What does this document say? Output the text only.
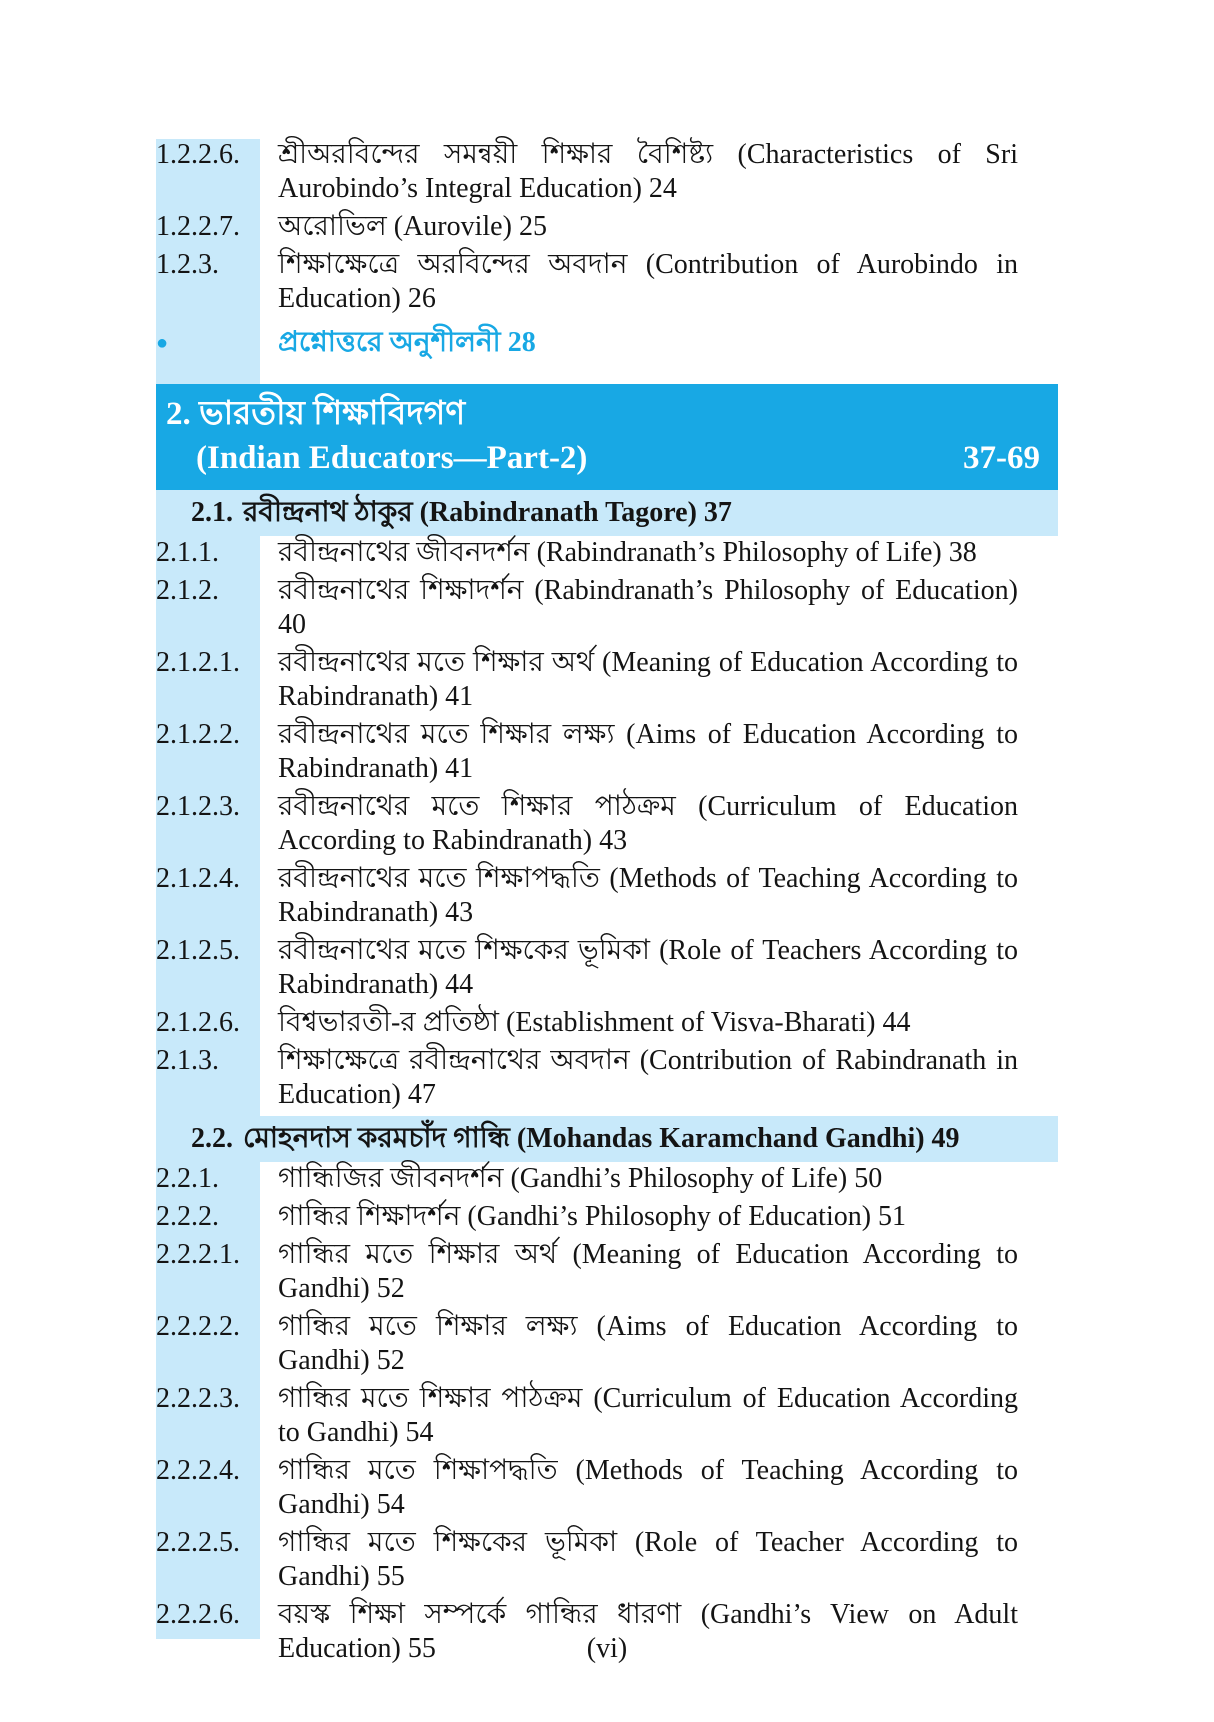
1.2.2.6.	শ্রীঅরবিন্দের সমন্বয়ী শিক্ষার বৈশিষ্ট্য (Characteristics of Sri Aurobindo’s Integral Education) 24
1.2.2.7.	অরোভিল (Aurovile) 25
1.2.3.	শিক্ষাক্ষেত্রে অরবিন্দের অবদান (Contribution of Aurobindo in Education) 26
●	প্রশ্নোত্তরে অনুশীলনী 28
2. ভারতীয় শিক্ষাবিদগণ
(Indian Educators—Part-2)	37-69
2.1. রবীন্দ্রনাথ ঠাকুর (Rabindranath Tagore) 37
2.1.1.	রবীন্দ্রনাথের জীবনদর্শন (Rabindranath’s Philosophy of Life) 38
2.1.2.	রবীন্দ্রনাথের শিক্ষাদর্শন (Rabindranath’s Philosophy of Education) 40
2.1.2.1.	রবীন্দ্রনাথের মতে শিক্ষার অর্থ (Meaning of Education According to Rabindranath) 41
2.1.2.2.	রবীন্দ্রনাথের মতে শিক্ষার লক্ষ্য (Aims of Education According to Rabindranath) 41
2.1.2.3.	রবীন্দ্রনাথের মতে শিক্ষার পাঠক্রম (Curriculum of Education According to Rabindranath) 43
2.1.2.4.	রবীন্দ্রনাথের মতে শিক্ষাপদ্ধতি (Methods of Teaching According to Rabindranath) 43
2.1.2.5.	রবীন্দ্রনাথের মতে শিক্ষকের ভূমিকা (Role of Teachers According to Rabindranath) 44
2.1.2.6.	বিশ্বভারতী-র প্রতিষ্ঠা (Establishment of Visva-Bharati) 44
2.1.3.	শিক্ষাক্ষেত্রে রবীন্দ্রনাথের অবদান (Contribution of Rabindranath in Education) 47
2.2. মোহনদাস করমচাঁদ গান্ধি (Mohandas Karamchand Gandhi) 49
2.2.1.	গান্ধিজির জীবনদর্শন (Gandhi’s Philosophy of Life) 50
2.2.2.	গান্ধির শিক্ষাদর্শন (Gandhi’s Philosophy of Education) 51
2.2.2.1.	গান্ধির মতে শিক্ষার অর্থ (Meaning of Education According to Gandhi) 52
2.2.2.2.	গান্ধির মতে শিক্ষার লক্ষ্য (Aims of Education According to Gandhi) 52
2.2.2.3.	গান্ধির মতে শিক্ষার পাঠক্রম (Curriculum of Education According to Gandhi) 54
2.2.2.4.	গান্ধির মতে শিক্ষাপদ্ধতি (Methods of Teaching According to Gandhi) 54
2.2.2.5.	গান্ধির মতে শিক্ষকের ভূমিকা (Role of Teacher According to Gandhi) 55
2.2.2.6.	বয়স্ক শিক্ষা সম্পর্কে গান্ধির ধারণা (Gandhi’s View on Adult Education) 55	(vi)
